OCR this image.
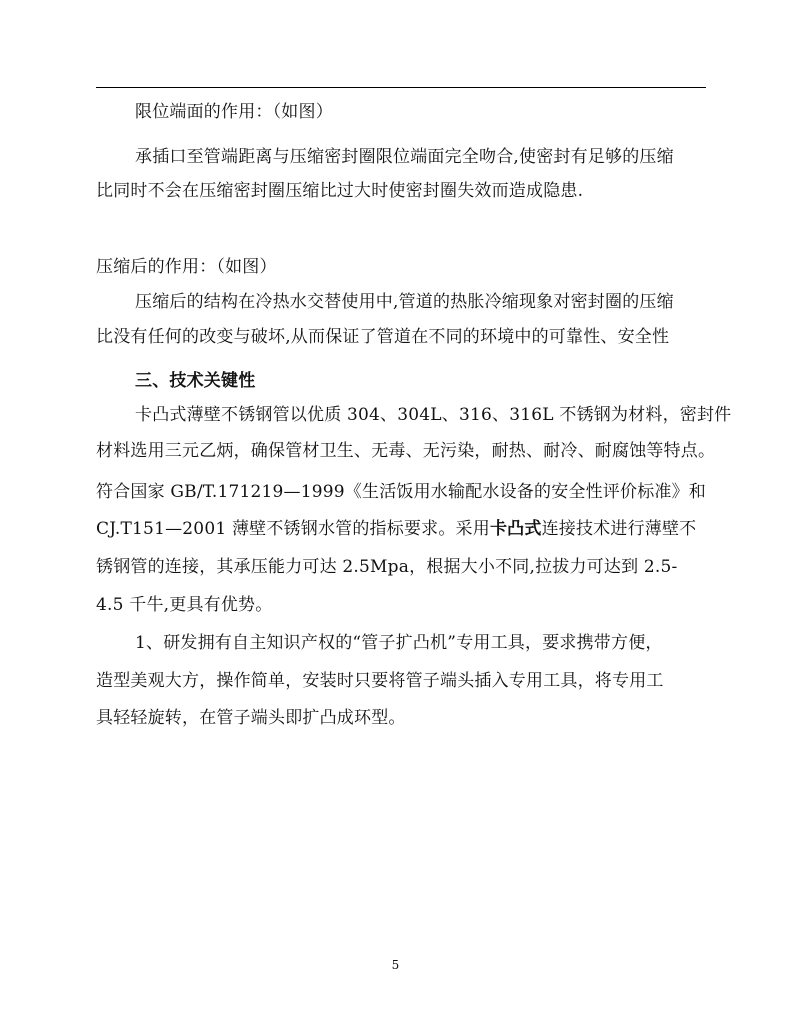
限位端面的作用：（如图）
承插口至管端距离与压缩密封圈限位端面完全吻合,使密封有足够的压缩
比同时不会在压缩密封圈压缩比过大时使密封圈失效而造成隐患.
压缩后的作用：（如图）
压缩后的结构在冷热水交替使用中,管道的热胀冷缩现象对密封圈的压缩
比没有任何的改变与破坏,从而保证了管道在不同的环境中的可靠性、安全性
三、技术关键性
卡凸式薄壁不锈钢管以优质 304、304L、316、316L 不锈钢为材料，密封件
材料选用三元乙炳，确保管材卫生、无毒、无污染，耐热、耐冷、耐腐蚀等特点。
符合国家 GB/T.171219—1999《生活饭用水输配水设备的安全性评价标准》和
CJ.T151—2001 薄壁不锈钢水管的指标要求。采用卡凸式连接技术进行薄壁不
锈钢管的连接，其承压能力可达 2.5Mpa，根据大小不同,拉拔力可达到 2.5-
4.5 千牛,更具有优势。
1、研发拥有自主知识产权的“管子扩凸机”专用工具，要求携带方便，
造型美观大方，操作简单，安装时只要将管子端头插入专用工具，将专用工
具轻轻旋转，在管子端头即扩凸成环型。
5
